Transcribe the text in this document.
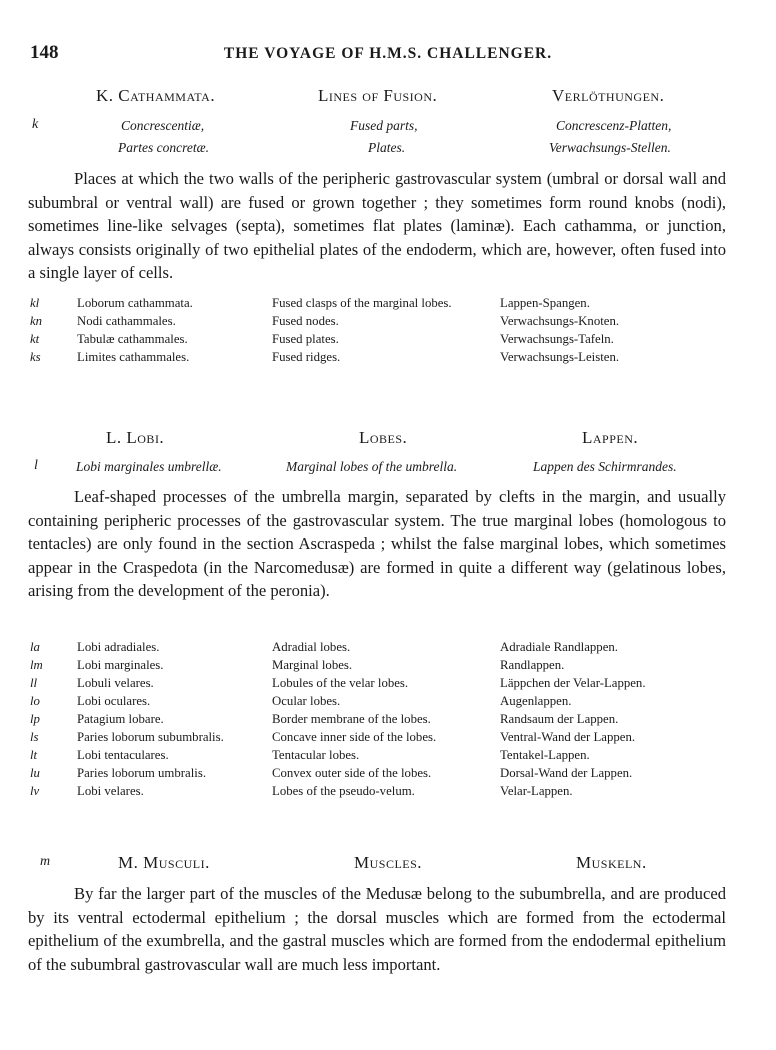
148	THE VOYAGE OF H.M.S. CHALLENGER.
K. Cathammata.	Lines of Fusion.	Verlöthungen.
k	Concrescentiæ,	Fused parts,	Concrescenz-Platten,
Partes concretæ.	Plates.	Verwachsungs-Stellen.

Places at which the two walls of the peripheric gastrovascular system (umbral or dorsal wall and subumbral or ventral wall) are fused or grown together ; they sometimes form round knobs (nodi), sometimes line-like selvages (septa), sometimes flat plates (laminæ). Each cathamma, or junction, always consists originally of two epithelial plates of the endoderm, which are, however, often fused into a single layer of cells.

kl	Loborum cathammata.	Fused clasps of the marginal lobes.	Lappen-Spangen.
kn	Nodi cathammales.	Fused nodes.	Verwachsungs-Knoten.
kt	Tabulæ cathammales.	Fused plates.	Verwachsungs-Tafeln.
ks	Limites cathammales.	Fused ridges.	Verwachsungs-Leisten.
L. Lobi.	Lobes.	Lappen.
l	Lobi marginales umbrellæ.	Marginal lobes of the umbrella.	Lappen des Schirmrandes.

Leaf-shaped processes of the umbrella margin, separated by clefts in the margin, and usually containing peripheric processes of the gastrovascular system. The true marginal lobes (homologous to tentacles) are only found in the section Ascraspeda ; whilst the false marginal lobes, which sometimes appear in the Craspedota (in the Narcomedusæ) are formed in quite a different way (gelatinous lobes, arising from the development of the peronia).

la	Lobi adradiales.	Adradial lobes.	Adradiale Randlappen.
lm	Lobi marginales.	Marginal lobes.	Randlappen.
ll	Lobuli velares.	Lobules of the velar lobes.	Läppchen der Velar-Lappen.
lo	Lobi oculares.	Ocular lobes.	Augenlappen.
lp	Patagium lobare.	Border membrane of the lobes.	Randsaum der Lappen.
ls	Paries loborum subumbralis.	Concave inner side of the lobes.	Ventral-Wand der Lappen.
lt	Lobi tentaculares.	Tentacular lobes.	Tentakel-Lappen.
lu	Paries loborum umbralis.	Convex outer side of the lobes.	Dorsal-Wand der Lappen.
lv	Lobi velares.	Lobes of the pseudo-velum.	Velar-Lappen.
m	M. Musculi.	Muscles.	Muskeln.

By far the larger part of the muscles of the Medusæ belong to the subumbrella, and are produced by its ventral ectodermal epithelium ; the dorsal muscles which are formed from the ectodermal epithelium of the exumbrella, and the gastral muscles which are formed from the endodermal epithelium of the subumbral gastrovascular wall are much less important.
